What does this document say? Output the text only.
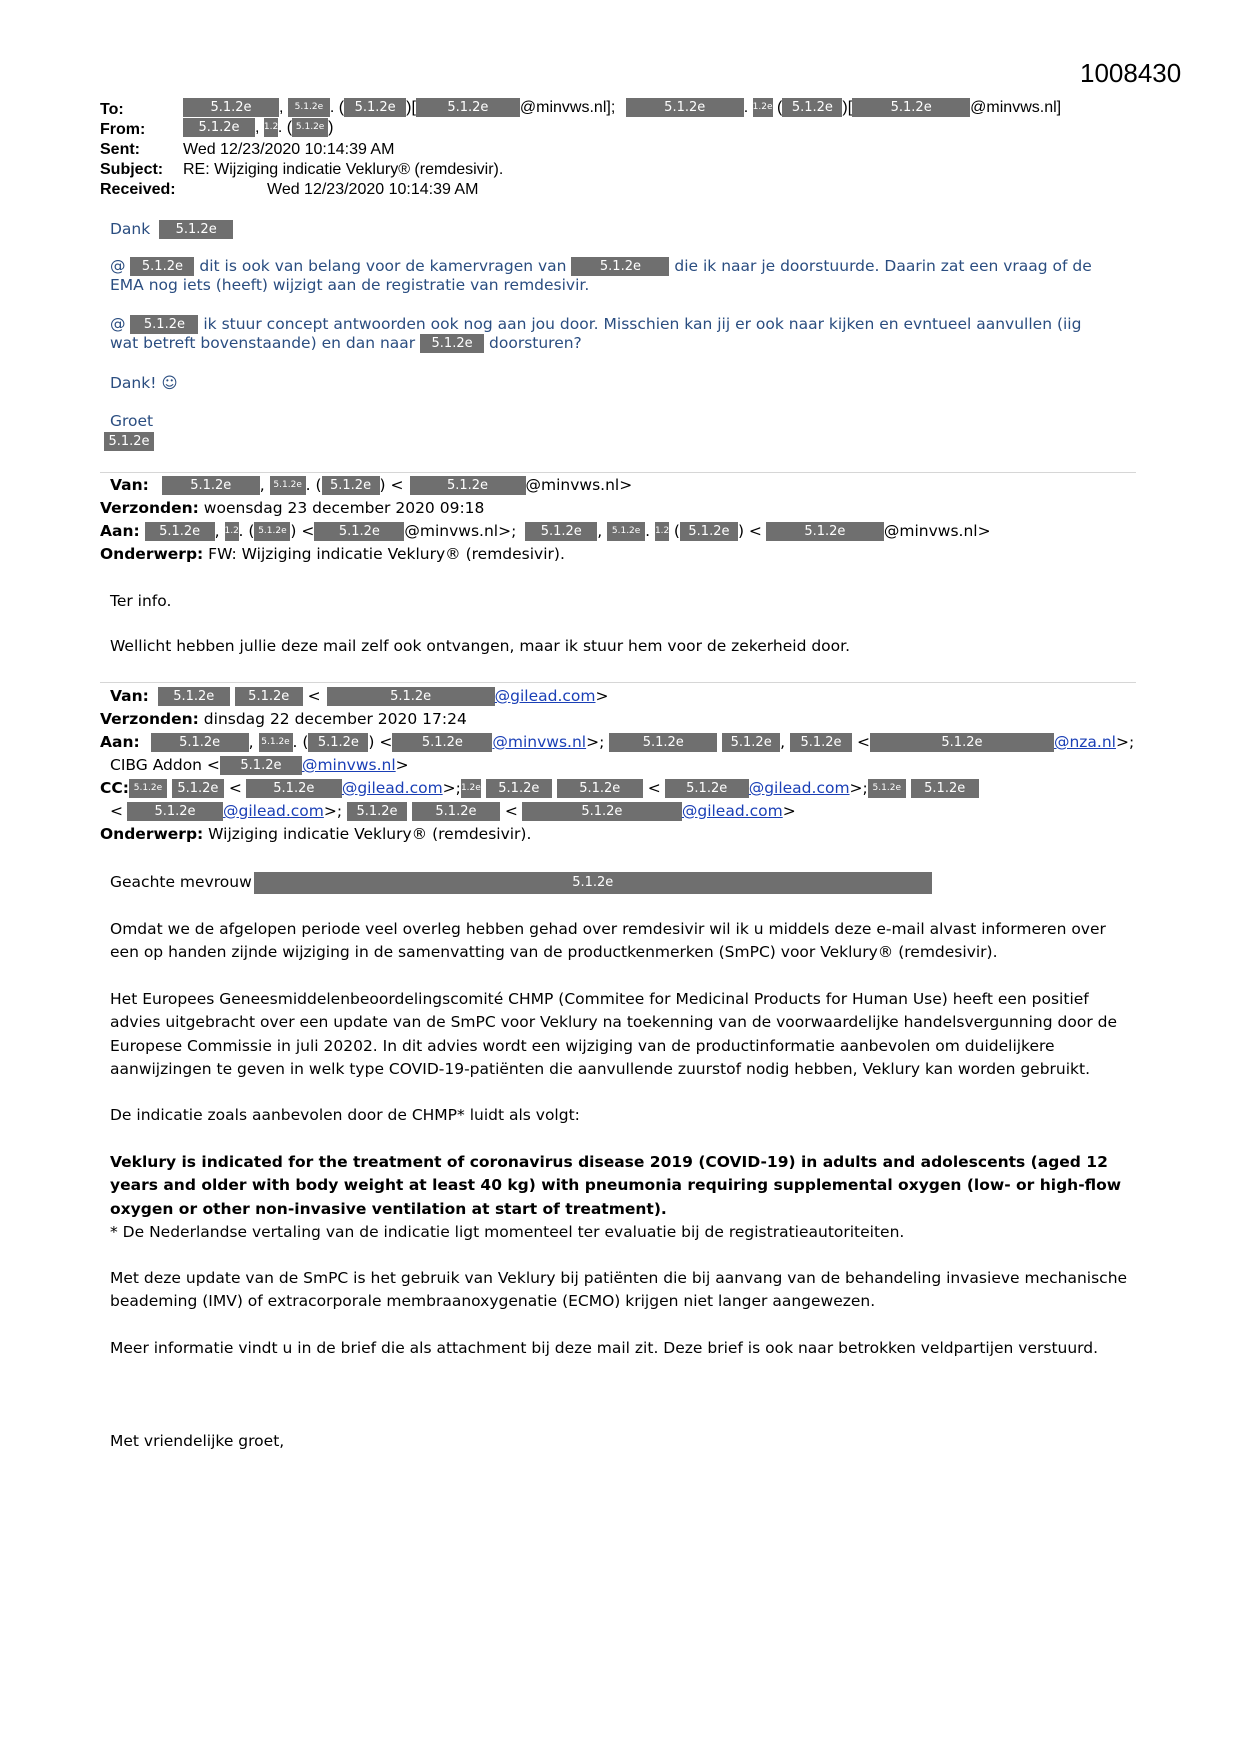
1008430
To:	5.1.2e , 5.1.2e . ( 5.1.2e )[ 5.1.2e @minvws.nl];	5.1.2e . 1.2e ( 5.1.2e )[	5.1.2e @minvws.nl]
From:	5.1.2e , 1.2. ( 5.1.2e )
Sent:	Wed 12/23/2020 10:14:39 AM
Subject: RE: Wijziging indicatie Veklury® (remdesivir).
Received:	Wed 12/23/2020 10:14:39 AM
Dank 5.1.2e
@ 5.1.2e dit is ook van belang voor de kamervragen van	5.1.2e die ik naar je doorstuurde. Daarin zat een vraag of de
EMA nog iets (heeft) wijzigt aan de registratie van remdesivir.
@ 5.1.2e ik stuur concept antwoorden ook nog aan jou door. Misschien kan jij er ook naar kijken en evntueel aanvullen (iig
wat betreft bovenstaande) en dan naar 5.1.2e doorsturen?
Dank! ☺
Groet
5.1.2e
Van:	5.1.2e , 5.1.2e . ( 5.1.2e ) <	5.1.2e @minvws.nl>
Verzonden: woensdag 23 december 2020 09:18
Aan: 5.1.2e , 1.2. ( 5.1.2e ) < 5.1.2e @minvws.nl>; 5.1.2e , 5.1.2e . 1.2 ( 5.1.2e ) <	5.1.2e @minvws.nl>
Onderwerp: FW: Wijziging indicatie Veklury® (remdesivir).
Ter info.
Wellicht hebben jullie deze mail zelf ook ontvangen, maar ik stuur hem voor de zekerheid door.
Van: 5.1.2e	5.1.2e <	5.1.2e	@gilead.com>
Verzonden: dinsdag 22 december 2020 17:24
Aan:	5.1.2e , 5.1.2e . ( 5.1.2e ) < 5.1.2e @minvws.nl>;	5.1.2e	5.1.2e , 5.1.2e <	5.1.2e	@nza.nl>;
CIBG Addon < 5.1.2e @minvws.nl>
CC: 5.1.2e 5.1.2e < 5.1.2e @gilead.com>;1.2e 5.1.2e	5.1.2e < 5.1.2e @gilead.com>; 5.1.2e 5.1.2e
< 5.1.2e @gilead.com>; 5.1.2e	5.1.2e <	5.1.2e	@gilead.com>
Onderwerp: Wijziging indicatie Veklury® (remdesivir).
Geachte mevrouw	5.1.2e
Omdat we de afgelopen periode veel overleg hebben gehad over remdesivir wil ik u middels deze e-mail alvast informeren over een op handen zijnde wijziging in de samenvatting van de productkenmerken (SmPC) voor Veklury® (remdesivir).
Het Europees Geneesmiddelenbeoordelingscomité CHMP (Commitee for Medicinal Products for Human Use) heeft een positief advies uitgebracht over een update van de SmPC voor Veklury na toekenning van de voorwaardelijke handelsvergunning door de Europese Commissie in juli 20202. In dit advies wordt een wijziging van de productinformatie aanbevolen om duidelijkere aanwijzingen te geven in welk type COVID-19-patiënten die aanvullende zuurstof nodig hebben, Veklury kan worden gebruikt.
De indicatie zoals aanbevolen door de CHMP* luidt als volgt:
Veklury is indicated for the treatment of coronavirus disease 2019 (COVID-19) in adults and adolescents (aged 12 years and older with body weight at least 40 kg) with pneumonia requiring supplemental oxygen (low- or high-flow oxygen or other non-invasive ventilation at start of treatment).
* De Nederlandse vertaling van de indicatie ligt momenteel ter evaluatie bij de registratieautoriteiten.
Met deze update van de SmPC is het gebruik van Veklury bij patiënten die bij aanvang van de behandeling invasieve mechanische beademing (IMV) of extracorporale membraanoxygenatie (ECMO) krijgen niet langer aangewezen.
Meer informatie vindt u in de brief die als attachment bij deze mail zit. Deze brief is ook naar betrokken veldpartijen verstuurd.
Met vriendelijke groet,
